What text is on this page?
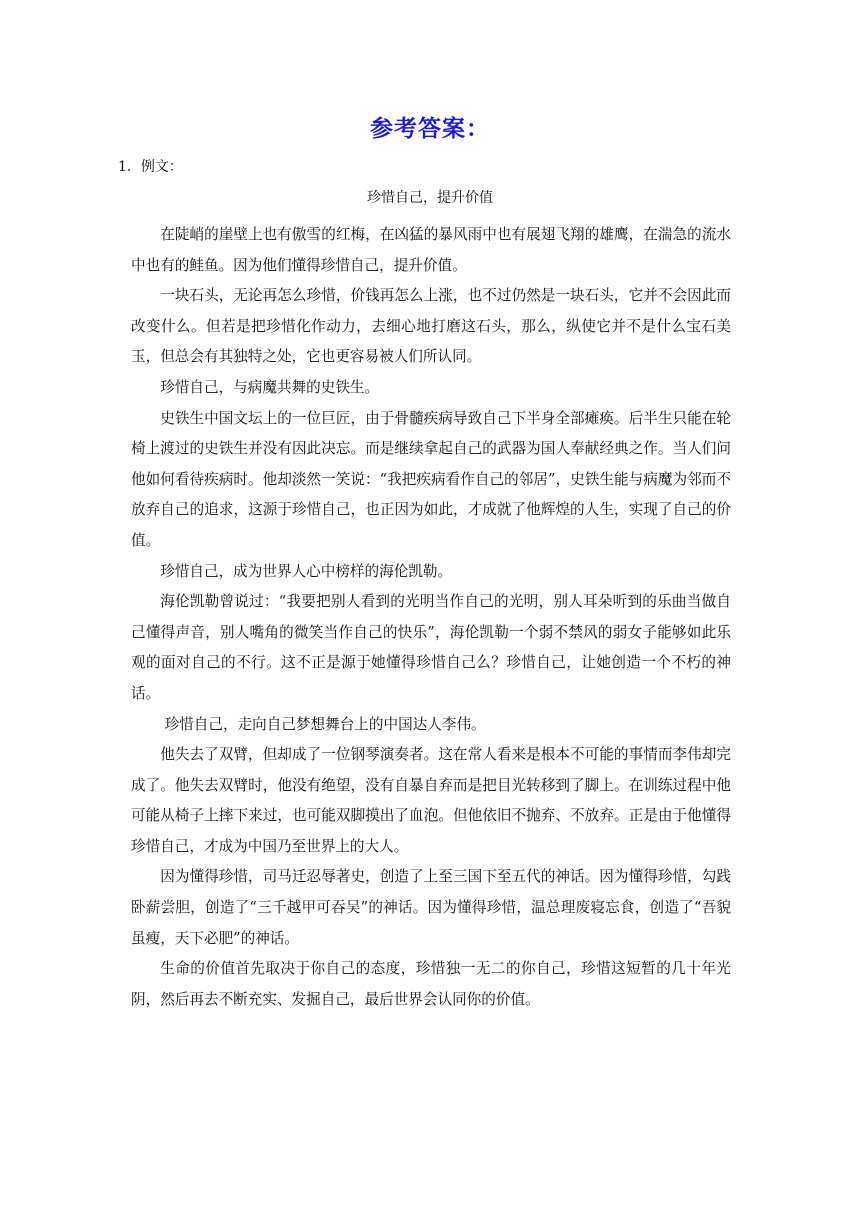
参考答案：
1．例文：
珍惜自己，提升价值

在陡峭的崖壁上也有傲雪的红梅，在凶猛的暴风雨中也有展翅飞翔的雄鹰，在湍急的流水中也有的鲑鱼。因为他们懂得珍惜自己，提升价值。

一块石头，无论再怎么珍惜，价钱再怎么上涨，也不过仍然是一块石头，它并不会因此而改变什么。但若是把珍惜化作动力，去细心地打磨这石头，那么，纵使它并不是什么宝石美玉，但总会有其独特之处，它也更容易被人们所认同。

珍惜自己，与病魔共舞的史铁生。

史铁生中国文坛上的一位巨匠，由于骨髓疾病导致自己下半身全部瘫痪。后半生只能在轮椅上渡过的史铁生并没有因此决忘。而是继续拿起自己的武器为国人奉献经典之作。当人们问他如何看待疾病时。他却淡然一笑说：“我把疾病看作自己的邻居”，史铁生能与病魔为邻而不放弃自己的追求，这源于珍惜自己，也正因为如此，才成就了他辉煌的人生，实现了自己的价值。

珍惜自己，成为世界人心中榜样的海伦凯勒。

海伦凯勒曾说过：“我要把别人看到的光明当作自己的光明，别人耳朵听到的乐曲当做自己懂得声音，别人嘴角的微笑当作自己的快乐”，海伦凯勒一个弱不禁风的弱女子能够如此乐观的面对自己的不行。这不正是源于她懂得珍惜自己么？珍惜自己，让她创造一个不朽的神话。

珍惜自己，走向自己梦想舞台上的中国达人李伟。

他失去了双臂，但却成了一位钢琴演奏者。这在常人看来是根本不可能的事情而李伟却完成了。他失去双臂时，他没有绝望，没有自暴自弃而是把目光转移到了脚上。在训练过程中他可能从椅子上摔下来过，也可能双脚摸出了血泡。但他依旧不抛弃、不放弃。正是由于他懂得珍惜自己，才成为中国乃至世界上的大人。

因为懂得珍惜，司马迁忍辱著史，创造了上至三国下至五代的神话。因为懂得珍惜，勾践卧薪尝胆，创造了“三千越甲可吞吴”的神话。因为懂得珍惜，温总理废寝忘食，创造了“吾貌虽瘦，天下必肥”的神话。

生命的价值首先取决于你自己的态度，珍惜独一无二的你自己，珍惜这短暂的几十年光阴，然后再去不断充实、发掘自己，最后世界会认同你的价值。
